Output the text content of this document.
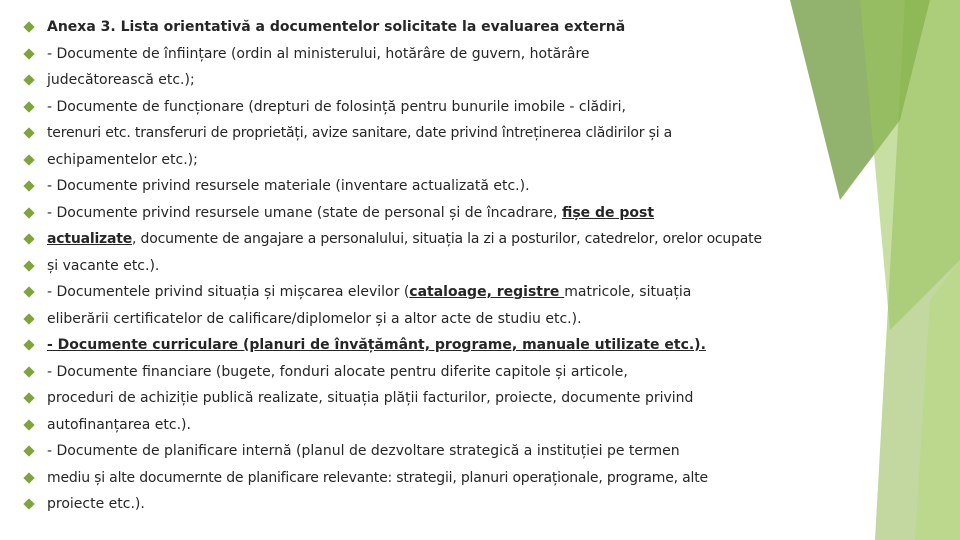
Anexa 3. Lista orientativă a documentelor solicitate la evaluarea externă
- Documente de înființare (ordin al ministerului, hotărâre de guvern, hotărâre
judecătorească etc.);
- Documente de funcționare (drepturi de folosință pentru bunurile imobile - clădiri,
terenuri etc. transferuri de proprietăți, avize sanitare, date privind întreținerea clădirilor și a
echipamentelor etc.);
- Documente privind resursele materiale (inventare actualizată etc.).
- Documente privind resursele umane (state de personal și de încadrare, fișe de post
actualizate, documente de angajare a personalului, situația la zi a posturilor, catedrelor, orelor ocupate
și vacante etc.).
- Documentele privind situația și mișcarea elevilor (cataloage, registre matricole, situația
eliberării certificatelor de calificare/diplomelor și a altor acte de studiu etc.).
- Documente curriculare (planuri de învățământ, programe, manuale utilizate etc.).
- Documente financiare (bugete, fonduri alocate pentru diferite capitole și articole,
proceduri de achiziție publică realizate, situația plății facturilor, proiecte, documente privind
autofinanțarea etc.).
- Documente de planificare internă (planul de dezvoltare strategică a instituției pe termen
mediu și alte documernte de planificare relevante: strategii, planuri operaționale, programe, alte
proiecte etc.).
